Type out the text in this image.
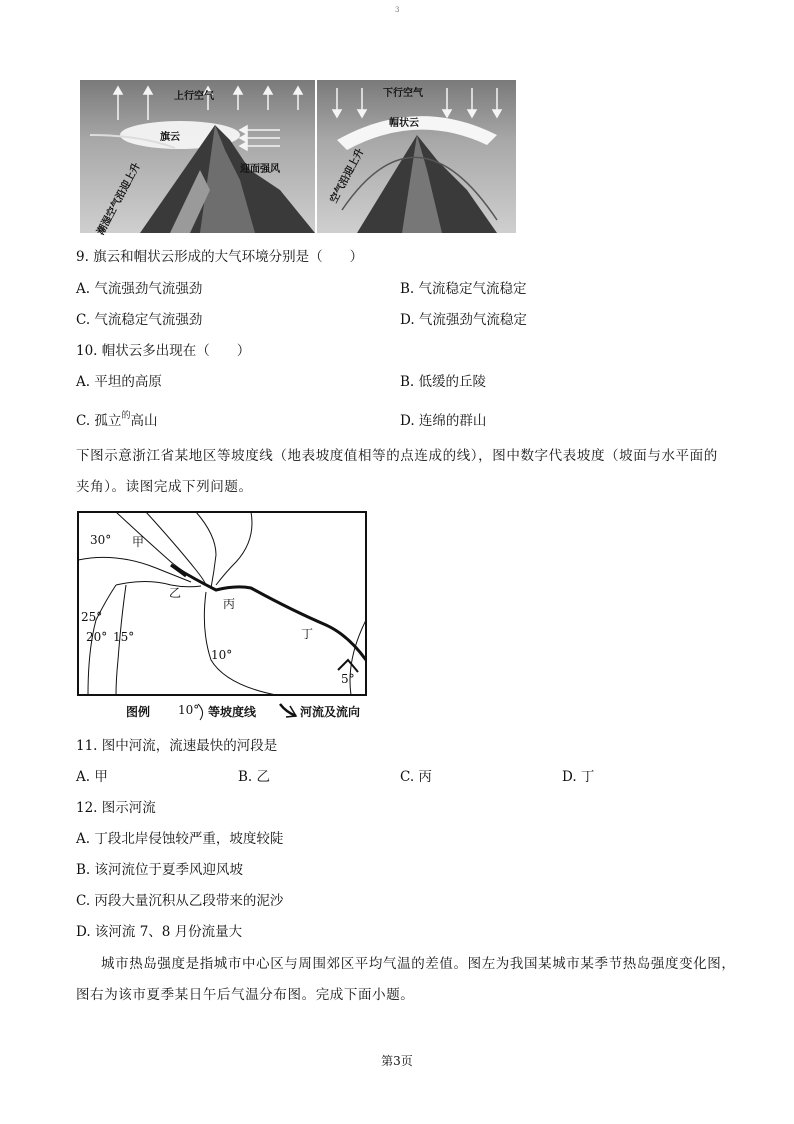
3
上行空气
旗云
迎面强风
潮湿空气沿迎上升
下行空气
帽状云
空气沿迎上升
9. 旗云和帽状云形成的大气环境分别是（　　）
A. 气流强劲气流强劲	B. 气流稳定气流稳定
C. 气流稳定气流强劲	D. 气流强劲气流稳定
10. 帽状云多出现在（　　）
A. 平坦的高原	B. 低缓的丘陵
C. 孤立$^的$高山	D. 连绵的群山
下图示意浙江省某地区等坡度线（地表坡度值相等的点连成的线），图中数字代表坡度（坡面与水平面的
夹角）。读图完成下列问题。
30° 甲
乙
丙
丁
25°
20° 15°
10°
5°
图例 10° 等坡度线	河流及流向
11. 图中河流，流速最快的河段是
A. 甲	B. 乙	C. 丙	D. 丁
12. 图示河流
A. 丁段北岸侵蚀较严重，坡度较陡
B. 该河流位于夏季风迎风坡
C. 丙段大量沉积从乙段带来的泥沙
D. 该河流 7、8 月份流量大
城市热岛强度是指城市中心区与周围郊区平均气温的差值。图左为我国某城市某季节热岛强度变化图，
图右为该市夏季某日午后气温分布图。完成下面小题。
第3页
